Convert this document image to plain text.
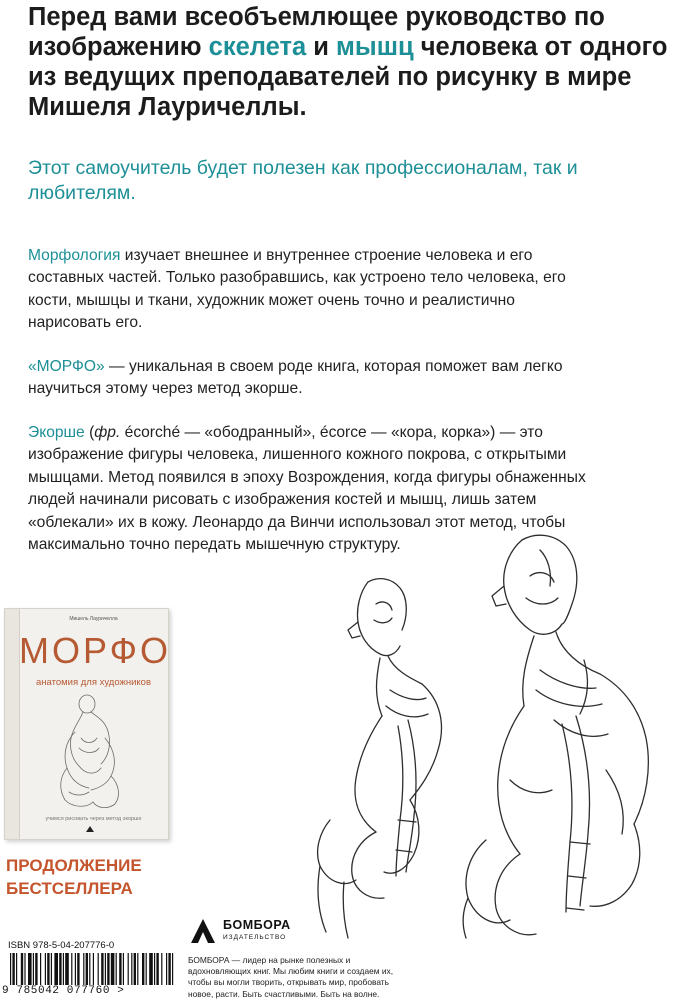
Перед вами всеобъемлющее руководство по изображению скелета и мышц человека от одного из ведущих преподавателей по рисунку в мире Мишеля Лауричеллы.

Этот самоучитель будет полезен как профессионалам, так и любителям.

Морфология изучает внешнее и внутреннее строение человека и его составных частей. Только разобравшись, как устроено тело человека, его кости, мышцы и ткани, художник может очень точно и реалистично нарисовать его.

«МОРФО» — уникальная в своем роде книга, которая поможет вам легко научиться этому через метод экорше.

Экорше (фр. écorché — «ободранный», écorce — «кора, корка») — это изображение фигуры человека, лишенного кожного покрова, с открытыми мышцами. Метод появился в эпоху Возрождения, когда фигуры обнаженных людей начинали рисовать с изображения костей и мышц, лишь затем «облекали» их в кожу. Леонардо да Винчи использовал этот метод, чтобы максимально точно передать мышечную структуру.

Мишель Лауричелла
МОРФО
анатомия для художников
учимся рисовать через метод экорше

ПРОДОЛЖЕНИЕ
БЕСТСЕЛЛЕРА

БОМБОРА

ИЗДАТЕЛЬСТВО

БОМБОРА — лидер на рынке полезных и вдохновляющих книг. Мы любим книги и создаем их, чтобы вы могли творить, открывать мир, пробовать новое, расти. Быть счастливыми. Быть на волне.

ISBN 978-5-04-207776-0

9 785042 077760 >
